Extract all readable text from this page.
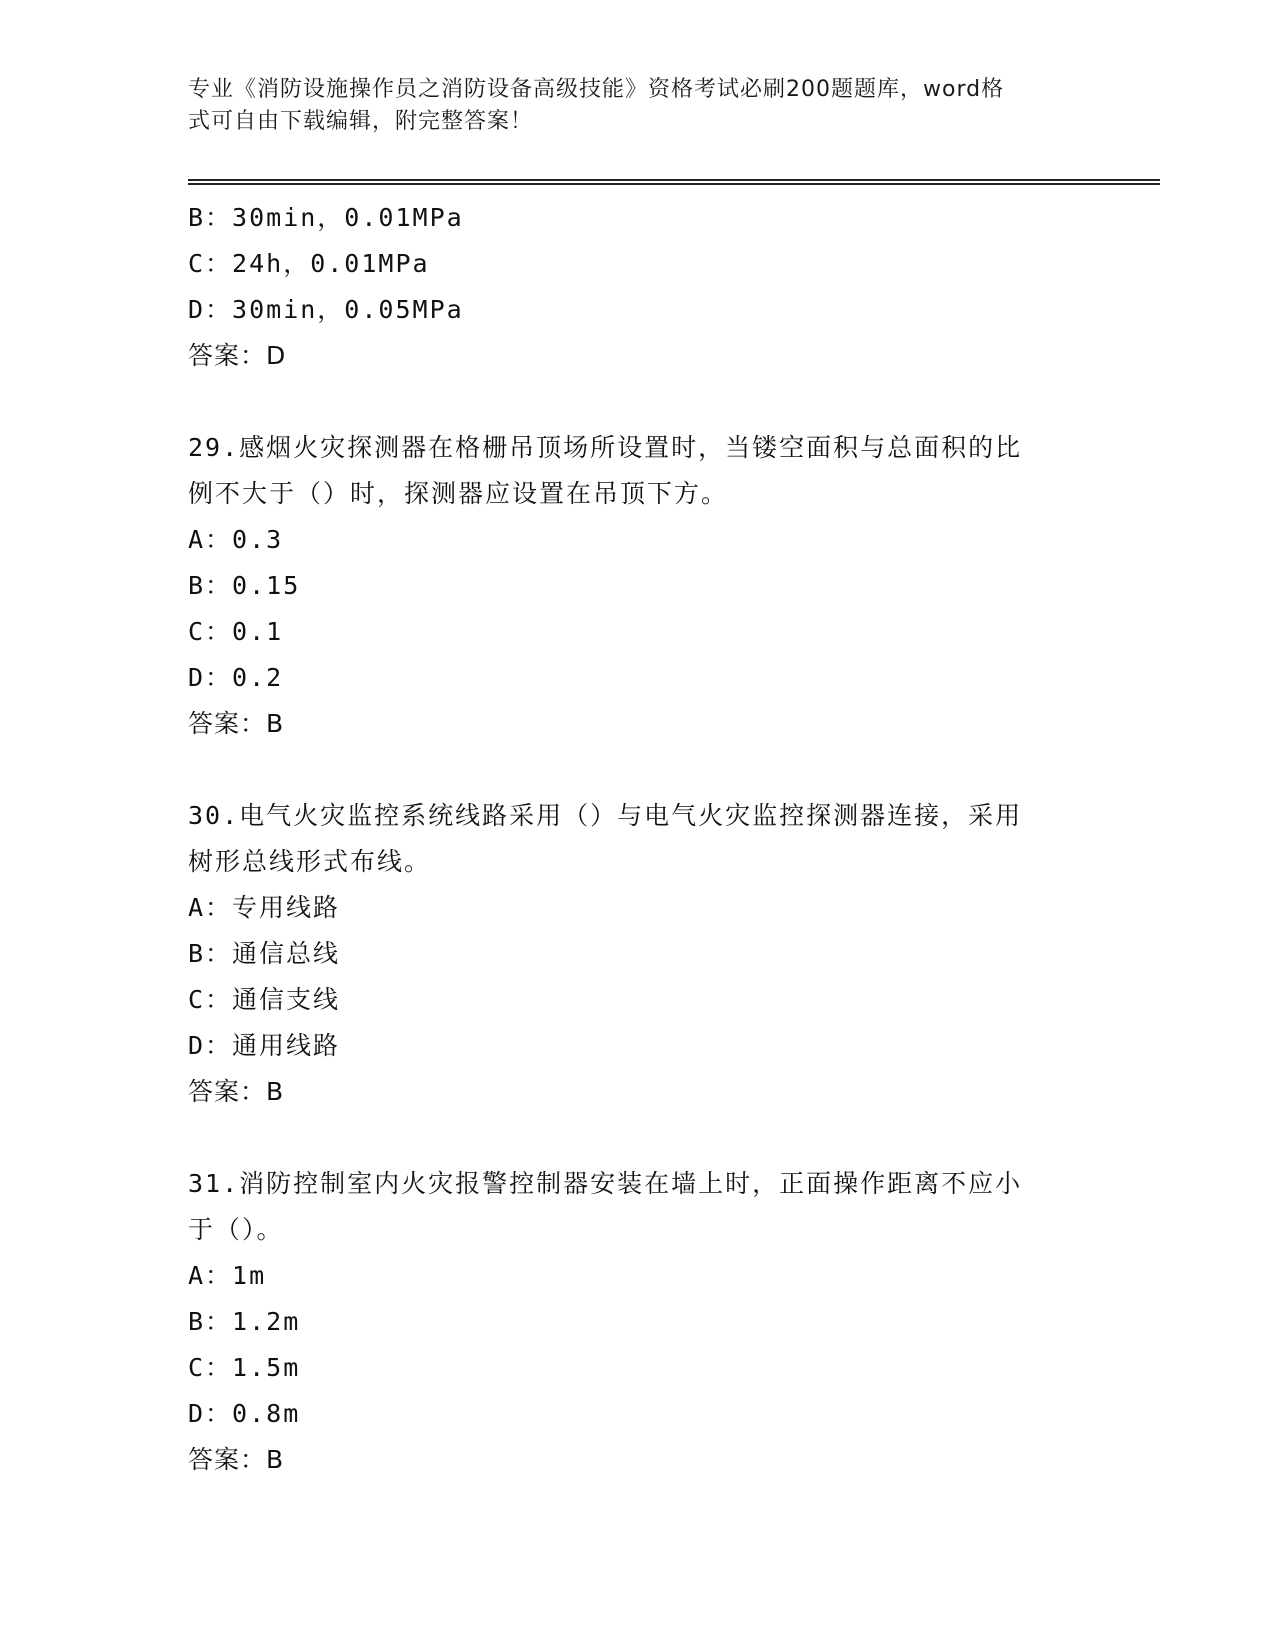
专业《消防设施操作员之消防设备高级技能》资格考试必刷200题题库，word格
式可自由下载编辑，附完整答案！
B：30min，0.01MPa
C：24h，0.01MPa
D：30min，0.05MPa
答案：D
29.感烟火灾探测器在格栅吊顶场所设置时，当镂空面积与总面积的比
例不大于（）时，探测器应设置在吊顶下方。
A：0.3
B：0.15
C：0.1
D：0.2
答案：B
30.电气火灾监控系统线路采用（）与电气火灾监控探测器连接，采用
树形总线形式布线。
A：专用线路
B：通信总线
C：通信支线
D：通用线路
答案：B
31.消防控制室内火灾报警控制器安装在墙上时，正面操作距离不应小
于（）。
A：1m
B：1.2m
C：1.5m
D：0.8m
答案：B
